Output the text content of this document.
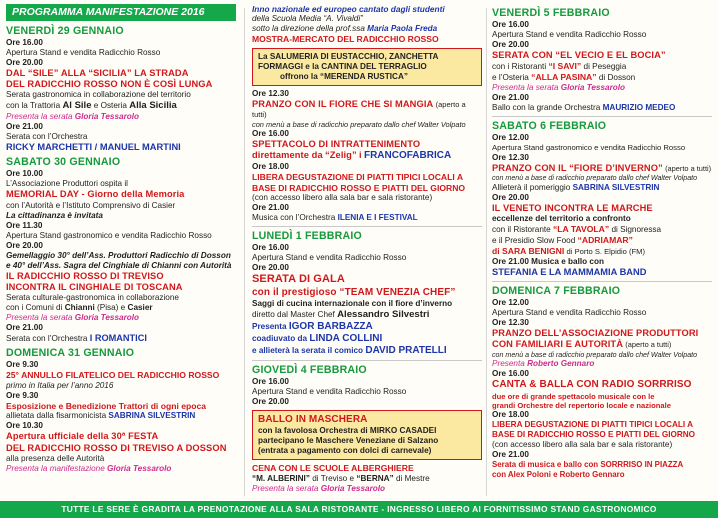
PROGRAMMA MANIFESTAZIONE 2016
VENERDÌ 29 GENNAIO
Ore 16.00
Apertura Stand e vendita Radicchio Rosso
Ore 20.00
DAL “SILE” ALLA “SICILIA” LA STRADA
DEL RADICCHIO ROSSO NON È COSÌ LUNGA
Serata gastronomica in collaborazione del territorio
con la Trattoria Al Sile e Osteria Alla Sicilia
Presenta la serata Gloria Tessarolo
Ore 21.00
Serata con l’Orchestra
RICKY MARCHETTI / MANUEL MARTINI
SABATO 30 GENNAIO
Ore 10.00
L’Associazione Produttori ospita il
MEMORIAL DAY - Giorno della Memoria
con l’Autorità e l’Istituto Comprensivo di Casier
La cittadinanza è invitata
Ore 11.30
Apertura Stand gastronomico e vendita Radicchio Rosso
Ore 20.00
Gemellaggio 30° dell’Ass. Produttori Radicchio di Dosson
e 40° dell’Ass. Sagra del Cinghiale di Chianni con Autorità
IL RADICCHIO ROSSO DI TREVISO
INCONTRA IL CINGHIALE DI TOSCANA
Serata culturale-gastronomica in collaborazione
con i Comuni di Chianni (Pisa) e Casier
Presenta la serata Gloria Tessarolo
Ore 21.00
Serata con l’Orchestra I ROMANTICI
DOMENICA 31 GENNAIO
Ore 9.30
25° ANNULLO FILATELICO DEL RADICCHIO ROSSO
primo in Italia per l’anno 2016
Ore 9.30
Esposizione e Benedizione Trattori di ogni epoca
allietata dalla fisarmonicista SABRINA SILVESTRIN
Ore 10.30
Apertura ufficiale della 30ª FESTA
DEL RADICCHIO ROSSO DI TREVISO A DOSSON
alla presenza delle Autorità
Presenta la manifestazione Gloria Tessarolo
Inno nazionale ed europeo cantato dagli studenti
della Scuola Media “A. Vivaldi”
sotto la direzione della prof.ssa Maria Paola Freda
MOSTRA-MERCATO DEL RADICCHIO ROSSO
La SALUMERIA DI EUSTACCHIO, ZANCHETTA
FORMAGGI e la CANTINA DEL TERRAGLIO
offrono la “MERENDA RUSTICA”
Ore 12.30
PRANZO CON IL FIORE CHE SI MANGIA (aperto a tutti)
con menù a base di radicchio preparato dallo chef Walter Volpato
Ore 16.00
SPETTACOLO DI INTRATTENIMENTO
direttamente da “Zelig” i FRANCOFABRICA
Ore 18.00
LIBERA DEGUSTAZIONE DI PIATTI TIPICI LOCALI A
BASE DI RADICCHIO ROSSO E PIATTI DEL GIORNO
(con accesso libero alla sala bar e sala ristorante)
Ore 21.00
Musica con l’Orchestra ILENIA E I FESTIVAL
LUNEDÌ 1 FEBBRAIO
Ore 16.00
Apertura Stand e vendita Radicchio Rosso
Ore 20.00
SERATA DI GALA
con il prestigioso “TEAM VENEZIA CHEF”
Saggi di cucina internazionale con il fiore d’inverno
diretto dal Master Chef Alessandro Silvestri
Presenta IGOR BARBAZZA
coadiuvato da LINDA COLLINI
e allieterà la serata il comico DAVID PRATELLI
GIOVEDÌ 4 FEBBRAIO
Ore 16.00
Apertura Stand e vendita Radicchio Rosso
Ore 20.00
BALLO IN MASCHERA
con la favolosa Orchestra di MIRKO CASADEI
partecipano le Maschere Veneziane di Salzano
(entrata a pagamento con dolci di carnevale)
CENA CON LE SCUOLE ALBERGHIERE
“M. ALBERINI” di Treviso e “BERNA” di Mestre
Presenta la serata Gloria Tessarolo
VENERDÌ 5 FEBBRAIO
Ore 16.00
Apertura Stand e vendita Radicchio Rosso
Ore 20.00
SERATA CON “EL VECIO E EL BOCIA”
con i Ristoranti “I SAVI” di Peseggia
e l’Osteria “ALLA PASINA” di Dosson
Presenta la serata Gloria Tessarolo
Ore 21.00
Ballo con la grande Orchestra MAURIZIO MEDEO
SABATO 6 FEBBRAIO
Ore 12.00
Apertura Stand gastronomico e vendita Radicchio Rosso
Ore 12.30
PRANZO CON IL “FIORE D’INVERNO” (aperto a tutti)
con menù a base di radicchio preparato dallo chef Walter Volpato
Allieterà il pomeriggio SABRINA SILVESTRIN
Ore 20.00
IL VENETO INCONTRA LE MARCHE
eccellenze del territorio a confronto
con il Ristorante “LA TAVOLA” di Signoressa
e il Presidio Slow Food “ADRIAMAR”
di SARA BENIGNI di Porto S. Elpidio (FM)
Ore 21.00 Musica e ballo con
STEFANIA E LA MAMMAMIA BAND
DOMENICA 7 FEBBRAIO
Ore 12.00
Apertura Stand e vendita Radicchio Rosso
Ore 12.30
PRANZO DELL’ASSOCIAZIONE PRODUTTORI
CON FAMILIARI E AUTORITÀ (aperto a tutti)
con menù a base di radicchio preparato dallo chef Walter Volpato
Presenta Roberto Gennaro
Ore 16.00
CANTA & BALLA CON RADIO SORRRISO
due ore di grande spettacolo musicale con le
grandi Orchestre del repertorio locale e nazionale
Ore 18.00
LIBERA DEGUSTAZIONE DI PIATTI TIPICI LOCALI A
BASE DI RADICCHIO ROSSO E PIATTI DEL GIORNO
(con accesso libero alla sala bar e sala ristorante)
Ore 21.00
Serata di musica e ballo con SORRRISO IN PIAZZA
con Alex Poloni e Roberto Gennaro
TUTTE LE SERE È GRADITA LA PRENOTAZIONE ALLA SALA RISTORANTE - INGRESSO LIBERO AI FORNITISSIMO STAND GASTRONOMICO
